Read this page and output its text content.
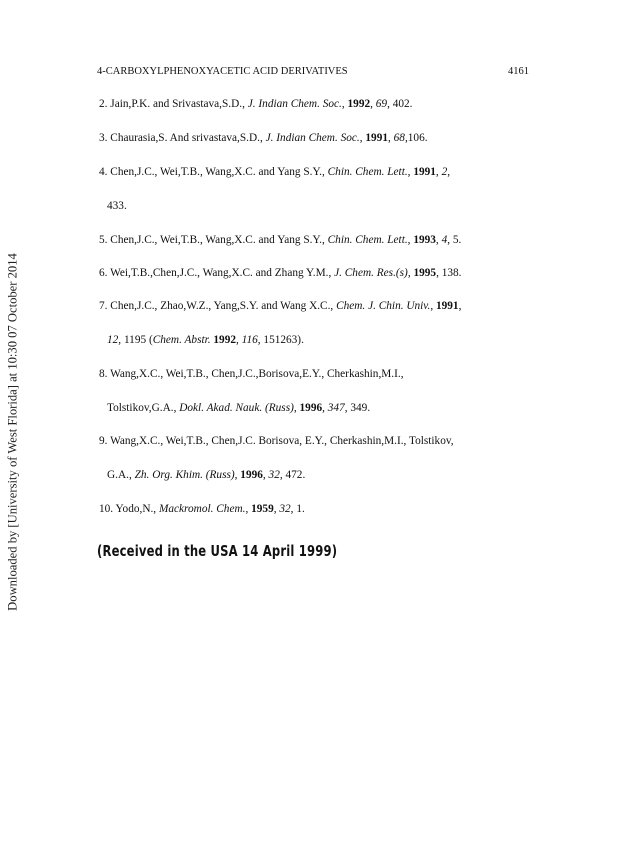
Downloaded by [University of West Florida] at 10:30 07 October 2014
4-CARBOXYLPHENOXYACETIC ACID DERIVATIVES	4161
2. Jain,P.K. and Srivastava,S.D., J. Indian Chem. Soc., 1992, 69, 402.
3. Chaurasia,S. And srivastava,S.D., J. Indian Chem. Soc., 1991, 68,106.
4. Chen,J.C., Wei,T.B., Wang,X.C. and Yang S.Y., Chin. Chem. Lett., 1991, 2,
433.
5. Chen,J.C., Wei,T.B., Wang,X.C. and Yang S.Y., Chin. Chem. Lett., 1993, 4, 5.
6. Wei,T.B.,Chen,J.C., Wang,X.C. and Zhang Y.M., J. Chem. Res.(s), 1995, 138.
7. Chen,J.C., Zhao,W.Z., Yang,S.Y. and Wang X.C., Chem. J. Chin. Univ., 1991,
12, 1195 (Chem. Abstr. 1992, 116, 151263).
8. Wang,X.C., Wei,T.B., Chen,J.C.,Borisova,E.Y., Cherkashin,M.I.,
Tolstikov,G.A., Dokl. Akad. Nauk. (Russ), 1996, 347, 349.
9. Wang,X.C., Wei,T.B., Chen,J.C. Borisova, E.Y., Cherkashin,M.I., Tolstikov,
G.A., Zh. Org. Khim. (Russ), 1996, 32, 472.
10. Yodo,N., Mackromol. Chem., 1959, 32, 1.
(Received in the USA 14 April 1999)
